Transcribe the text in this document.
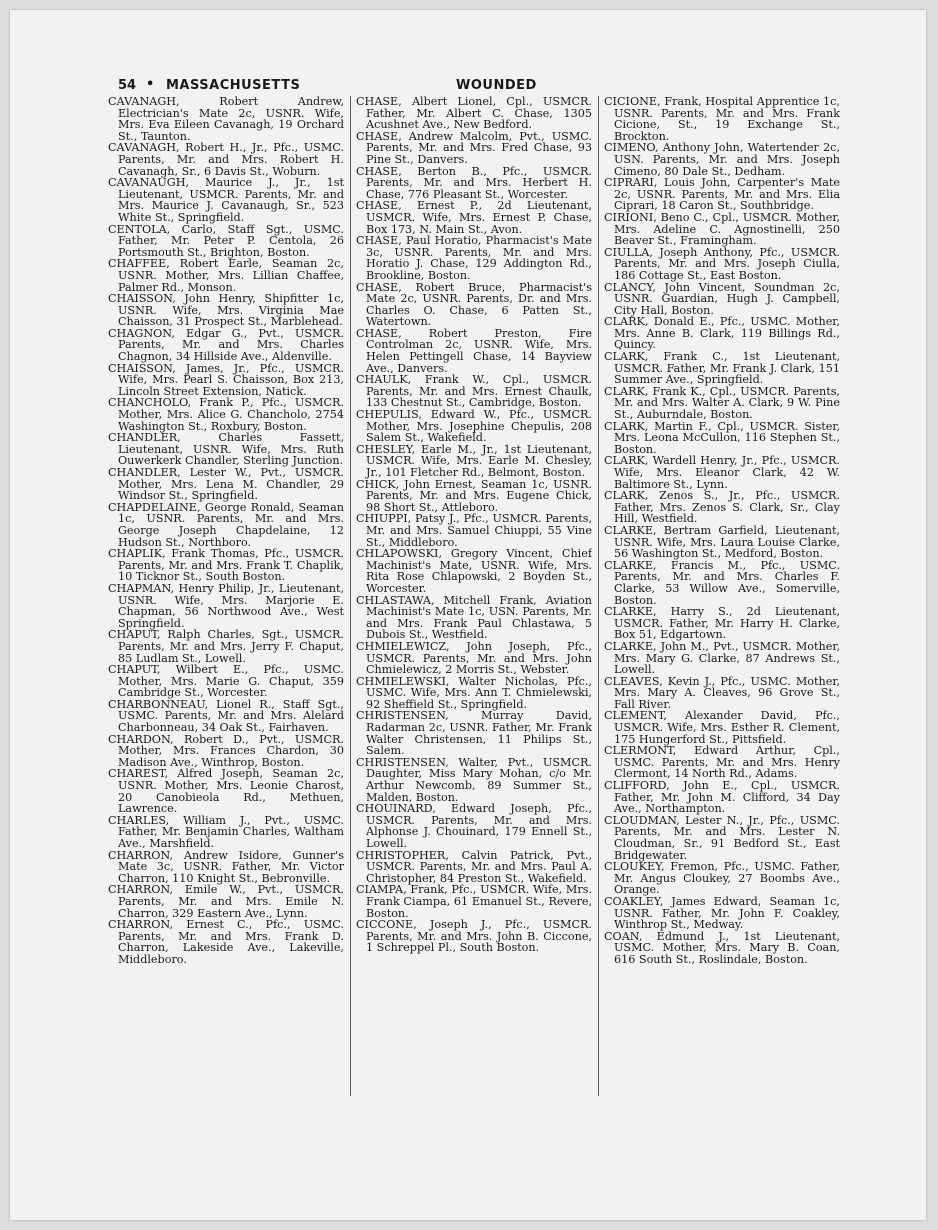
54 • MASSACHUSETTS	WOUNDED

CAVANAGH, Robert Andrew, Electrician's Mate 2c, USNR. Wife, Mrs. Eva Eileen Cavanagh, 19 Orchard St., Taunton.

CAVANAGH, Robert H., Jr., Pfc., USMC. Parents, Mr. and Mrs. Robert H. Cavanagh, Sr., 6 Davis St., Woburn.

CAVANAUGH, Maurice J., Jr., 1st Lieutenant, USMCR. Parents, Mr. and Mrs. Maurice J. Cavanaugh, Sr., 523 White St., Springfield.

CENTOLA, Carlo, Staff Sgt., USMC. Father, Mr. Peter P. Centola, 26 Portsmouth St., Brighton, Boston.

CHAFFEE, Robert Earle, Seaman 2c, USNR. Mother, Mrs. Lillian Chaffee, Palmer Rd., Monson.

CHAISSON, John Henry, Shipfitter 1c, USNR. Wife, Mrs. Virginia Mae Chaisson, 31 Prospect St., Marblehead.

CHAGNON, Edgar G., Pvt., USMCR. Parents, Mr. and Mrs. Charles Chagnon, 34 Hillside Ave., Aldenville.

CHAISSON, James, Jr., Pfc., USMCR. Wife, Mrs. Pearl S. Chaisson, Box 213, Lincoln Street Extension, Natick.

CHANCHOLO, Frank P., Pfc., USMCR. Mother, Mrs. Alice G. Chancholo, 2754 Washington St., Roxbury, Boston.

CHANDLER, Charles Fassett, Lieutenant, USNR. Wife, Mrs. Ruth Ouwerkerk Chandler, Sterling Junction.

CHANDLER, Lester W., Pvt., USMCR. Mother, Mrs. Lena M. Chandler, 29 Windsor St., Springfield.

CHAPDELAINE, George Ronald, Seaman 1c, USNR. Parents, Mr. and Mrs. George Joseph Chapdelaine, 12 Hudson St., Northboro.

CHAPLIK, Frank Thomas, Pfc., USMCR. Parents, Mr. and Mrs. Frank T. Chaplik, 10 Ticknor St., South Boston.

CHAPMAN, Henry Philip, Jr., Lieutenant, USNR. Wife, Mrs. Marjorie E. Chapman, 56 Northwood Ave., West Springfield.

CHAPUT, Ralph Charles, Sgt., USMCR. Parents, Mr. and Mrs. Jerry F. Chaput, 85 Ludlam St., Lowell.

CHAPUT, Wilbert E., Pfc., USMC. Mother, Mrs. Marie G. Chaput, 359 Cambridge St., Worcester.

CHARBONNEAU, Lionel R., Staff Sgt., USMC. Parents, Mr. and Mrs. Alelard Charbonneau, 34 Oak St., Fairhaven.

CHARDON, Robert D., Pvt., USMCR. Mother, Mrs. Frances Chardon, 30 Madison Ave., Winthrop, Boston.

CHAREST, Alfred Joseph, Seaman 2c, USNR. Mother, Mrs. Leonie Charost, 20 Canobieola Rd., Methuen, Lawrence.

CHARLES, William J., Pvt., USMC. Father, Mr. Benjamin Charles, Waltham Ave., Marshfield.

CHARRON, Andrew Isidore, Gunner's Mate 3c, USNR. Father, Mr. Victor Charron, 110 Knight St., Bebronville.

CHARRON, Emile W., Pvt., USMCR. Parents, Mr. and Mrs. Emile N. Charron, 329 Eastern Ave., Lynn.

CHARRON, Ernest C., Pfc., USMC. Parents, Mr. and Mrs. Frank D. Charron, Lakeside Ave., Lakeville, Middleboro.

CHASE, Albert Lionel, Cpl., USMCR. Father, Mr. Albert C. Chase, 1305 Acushnet Ave., New Bedford.

CHASE, Andrew Malcolm, Pvt., USMC. Parents, Mr. and Mrs. Fred Chase, 93 Pine St., Danvers.

CHASE, Berton B., Pfc., USMCR. Parents, Mr. and Mrs. Herbert H. Chase, 776 Pleasant St., Worcester.

CHASE, Ernest P., 2d Lieutenant, USMCR. Wife, Mrs. Ernest P. Chase, Box 173, N. Main St., Avon.

CHASE, Paul Horatio, Pharmacist's Mate 3c, USNR. Parents, Mr. and Mrs. Horatio J. Chase, 129 Addington Rd., Brookline, Boston.

CHASE, Robert Bruce, Pharmacist's Mate 2c, USNR. Parents, Dr. and Mrs. Charles O. Chase, 6 Patten St., Watertown.

CHASE, Robert Preston, Fire Controlman 2c, USNR. Wife, Mrs. Helen Pettingell Chase, 14 Bayview Ave., Danvers.

CHAULK, Frank W., Cpl., USMCR. Parents, Mr. and Mrs. Ernest Chaulk, 133 Chestnut St., Cambridge, Boston.

CHEPULIS, Edward W., Pfc., USMCR. Mother, Mrs. Josephine Chepulis, 208 Salem St., Wakefield.

CHESLEY, Earle M., Jr., 1st Lieutenant, USMCR. Wife, Mrs. Earle M. Chesley, Jr., 101 Fletcher Rd., Belmont, Boston.

CHICK, John Ernest, Seaman 1c, USNR. Parents, Mr. and Mrs. Eugene Chick, 98 Short St., Attleboro.

CHIUPPI, Patsy J., Pfc., USMCR. Parents, Mr. and Mrs. Samuel Chiuppi, 55 Vine St., Middleboro.

CHLAPOWSKI, Gregory Vincent, Chief Machinist's Mate, USNR. Wife, Mrs. Rita Rose Chlapowski, 2 Boyden St., Worcester.

CHLASTAWA, Mitchell Frank, Aviation Machinist's Mate 1c, USN. Parents, Mr. and Mrs. Frank Paul Chlastawa, 5 Dubois St., Westfield.

CHMIELEWICZ, John Joseph, Pfc., USMCR. Parents, Mr. and Mrs. John Chmielewicz, 2 Morris St., Webster.

CHMIELEWSKI, Walter Nicholas, Pfc., USMC. Wife, Mrs. Ann T. Chmielewski, 92 Sheffield St., Springfield.

CHRISTENSEN, Murray David, Radarman 2c, USNR. Father, Mr. Frank Walter Christensen, 11 Philips St., Salem.

CHRISTENSEN, Walter, Pvt., USMCR. Daughter, Miss Mary Mohan, c/o Mr. Arthur Newcomb, 89 Summer St., Malden, Boston.

CHOUINARD, Edward Joseph, Pfc., USMCR. Parents, Mr. and Mrs. Alphonse J. Chouinard, 179 Ennell St., Lowell.

CHRISTOPHER, Calvin Patrick, Pvt., USMCR. Parents, Mr. and Mrs. Paul A. Christopher, 84 Preston St., Wakefield.

CIAMPA, Frank, Pfc., USMCR. Wife, Mrs. Frank Ciampa, 61 Emanuel St., Revere, Boston.

CICCONE, Joseph J., Pfc., USMCR. Parents, Mr. and Mrs. John B. Ciccone, 1 Schreppel Pl., South Boston.

CICIONE, Frank, Hospital Apprentice 1c, USNR. Parents, Mr. and Mrs. Frank Cicione, St., 19 Exchange St., Brockton.

CIMENO, Anthony John, Watertender 2c, USN. Parents, Mr. and Mrs. Joseph Cimeno, 80 Dale St., Dedham.

CIPRARI, Louis John, Carpenter's Mate 2c, USNR. Parents, Mr. and Mrs. Elia Ciprari, 18 Caron St., Southbridge.

CIRIONI, Beno C., Cpl., USMCR. Mother, Mrs. Adeline C. Agnostinelli, 250 Beaver St., Framingham.

CIULLA, Joseph Anthony, Pfc., USMCR. Parents, Mr. and Mrs. Joseph Ciulla, 186 Cottage St., East Boston.

CLANCY, John Vincent, Soundman 2c, USNR. Guardian, Hugh J. Campbell, City Hall, Boston.

CLARK, Donald E., Pfc., USMC. Mother, Mrs. Anne B. Clark, 119 Billings Rd., Quincy.

CLARK, Frank C., 1st Lieutenant, USMCR. Father, Mr. Frank J. Clark, 151 Summer Ave., Springfield.

CLARK, Frank K., Cpl., USMCR. Parents, Mr. and Mrs. Walter A. Clark, 9 W. Pine St., Auburndale, Boston.

CLARK, Martin F., Cpl., USMCR. Sister, Mrs. Leona McCullon, 116 Stephen St., Boston.

CLARK, Wardell Henry, Jr., Pfc., USMCR. Wife, Mrs. Eleanor Clark, 42 W. Baltimore St., Lynn.

CLARK, Zenos S., Jr., Pfc., USMCR. Father, Mrs. Zenos S. Clark, Sr., Clay Hill, Westfield.

CLARKE, Bertram Garfield, Lieutenant, USNR. Wife, Mrs. Laura Louise Clarke, 56 Washington St., Medford, Boston.

CLARKE, Francis M., Pfc., USMC. Parents, Mr. and Mrs. Charles F. Clarke, 53 Willow Ave., Somerville, Boston.

CLARKE, Harry S., 2d Lieutenant, USMCR. Father, Mr. Harry H. Clarke, Box 51, Edgartown.

CLARKE, John M., Pvt., USMCR. Mother, Mrs. Mary G. Clarke, 87 Andrews St., Lowell.

CLEAVES, Kevin J., Pfc., USMC. Mother, Mrs. Mary A. Cleaves, 96 Grove St., Fall River.

CLEMENT, Alexander David, Pfc., USMCR. Wife, Mrs. Esther R. Clement, 175 Hungerford St., Pittsfield.

CLERMONT, Edward Arthur, Cpl., USMC. Parents, Mr. and Mrs. Henry Clermont, 14 North Rd., Adams.

CLIFFORD, John E., Cpl., USMCR. Father, Mr. John M. Clifford, 34 Day Ave., Northampton.

CLOUDMAN, Lester N., Jr., Pfc., USMC. Parents, Mr. and Mrs. Lester N. Cloudman, Sr., 91 Bedford St., East Bridgewater.

CLOUKEY, Fremon, Pfc., USMC. Father, Mr. Angus Cloukey, 27 Boombs Ave., Orange.

COAKLEY, James Edward, Seaman 1c, USNR. Father, Mr. John F. Coakley, Winthrop St., Medway.

COAN, Edmund J., 1st Lieutenant, USMC. Mother, Mrs. Mary B. Coan, 616 South St., Roslindale, Boston.
